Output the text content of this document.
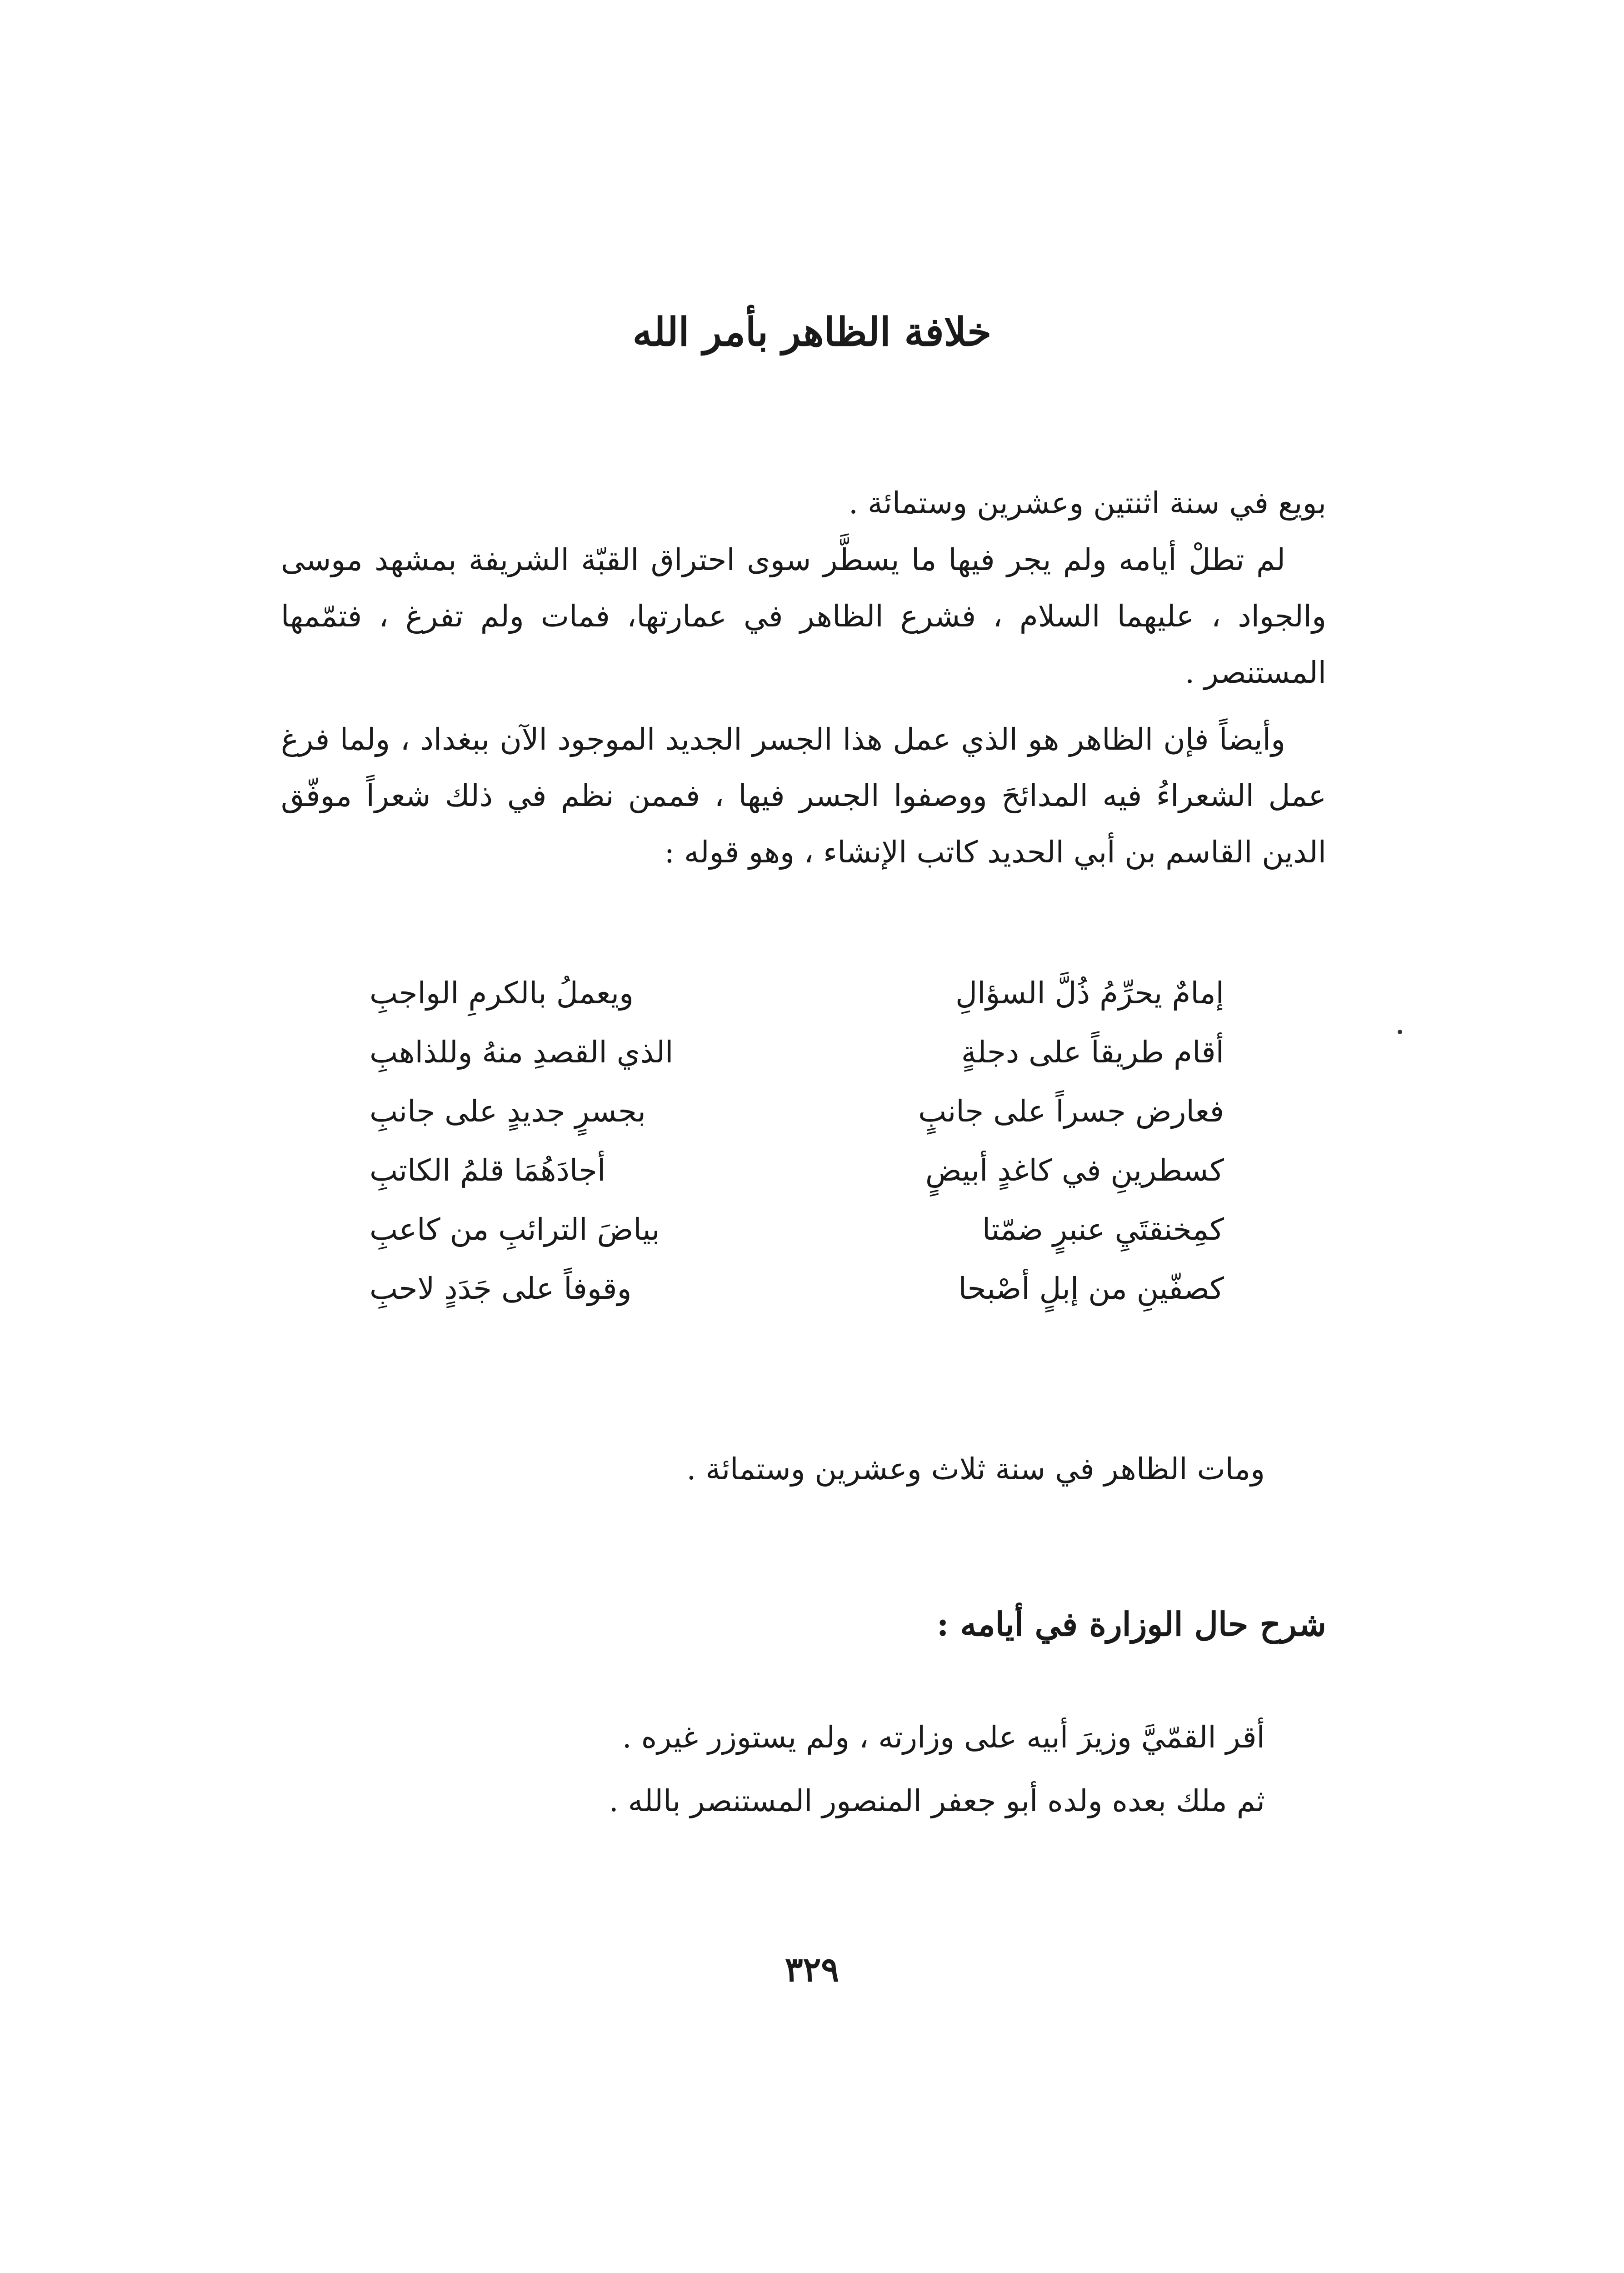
خلافة الظاهر بأمر الله

بويع في سنة اثنتين وعشرين وستمائة .

لم تطلْ أيامه ولم يجر فيها ما يسطَّر سوى احتراق القبّة الشريفة بمشهد موسى والجواد ، عليهما السلام ، فشرع الظاهر في عمارتها، فمات ولم تفرغ ، فتمّمها المستنصر .

وأيضاً فإن الظاهر هو الذي عمل هذا الجسر الجديد الموجود الآن ببغداد ، ولما فرغ عمل الشعراءُ فيه المدائحَ ووصفوا الجسر فيها ، فممن نظم في ذلك شعراً موفّق الدين القاسم بن أبي الحديد كاتب الإنشاء ، وهو قوله :

إمامٌ يحرِّمُ ذُلَّ السؤالِ
ويعملُ بالكرمِ الواجبِ
أقام طريقاً على دجلةٍ
الذي القصدِ منهُ وللذاهبِ
فعارض جسراً على جانبٍ
بجسرٍ جديدٍ على جانبِ
كسطرينِ في كاغدٍ أبيضٍ
أجادَهُمَا قلمُ الكاتبِ
كمِخنقتَيِ عنبرٍ ضمّتا
بياضَ الترائبِ من كاعبِ
كصفّينِ من إبلٍ أصْبحا
وقوفاً على جَدَدٍ لاحبِ

ومات الظاهر في سنة ثلاث وعشرين وستمائة .

شرح حال الوزارة في أيامه :

أقر القمّيَّ وزيرَ أبيه على وزارته ، ولم يستوزر غيره .

ثم ملك بعده ولده أبو جعفر المنصور المستنصر بالله .

٣٢٩
